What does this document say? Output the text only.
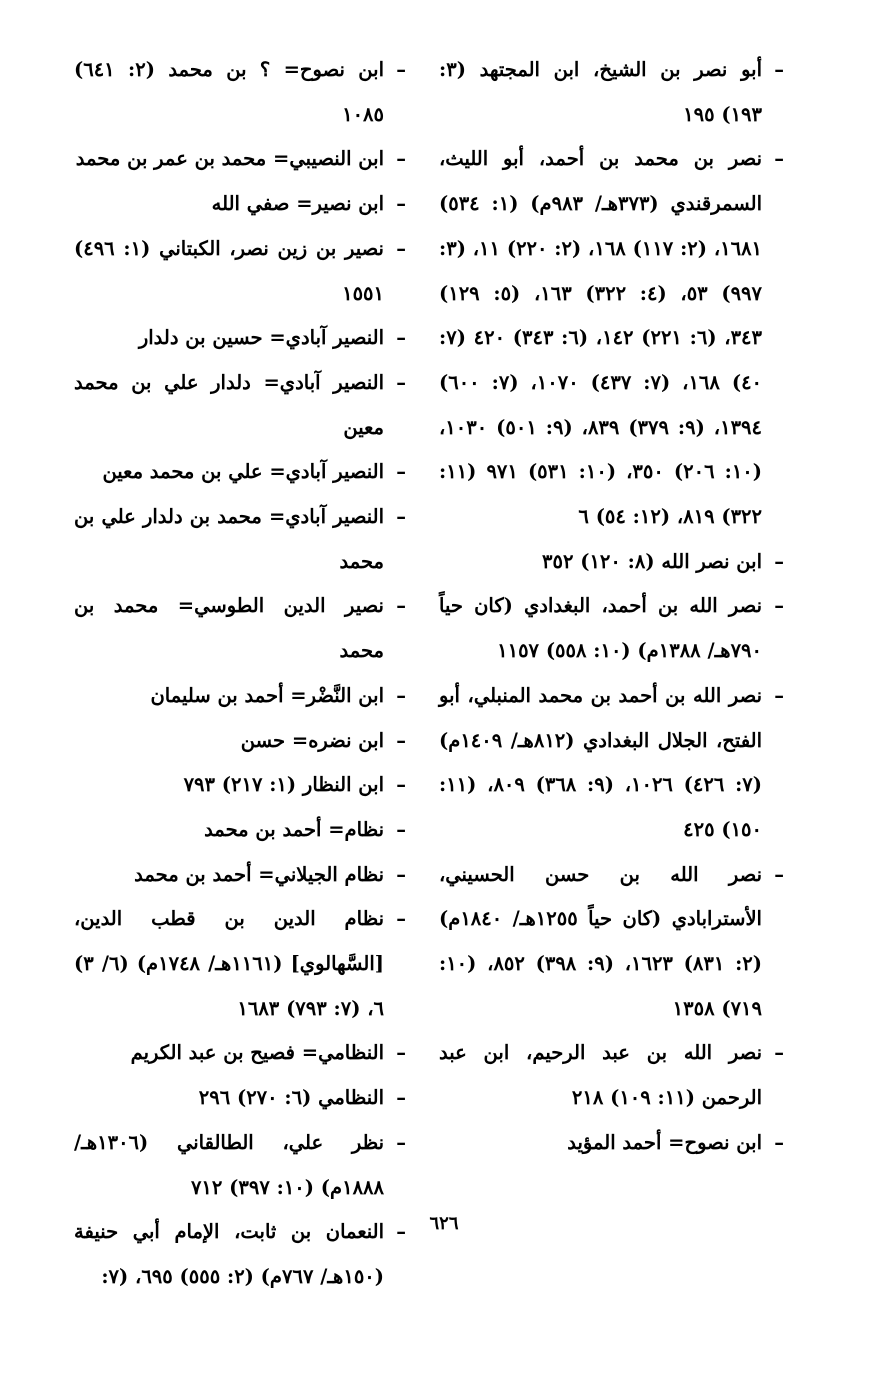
–
أبو نصر بن الشيخ، ابن المجتهد (٣: ١٩٣) ١٩٥

–
نصر بن محمد بن أحمد، أبو الليث، السمرقندي (٣٧٣هـ/ ٩٨٣م) (١: ٥٣٤) ١٦٨١، (٢: ١١٧) ١٦٨، (٢: ٢٢٠) ١١، (٣: ٩٩٧) ٥٣، (٤: ٣٢٢) ١٦٣، (٥: ١٢٩) ٣٤٣، (٦: ٢٢١) ١٤٢، (٦: ٣٤٣) ٤٢٠ (٧: ٤٠) ١٦٨، (٧: ٤٣٧) ١٠٧٠، (٧: ٦٠٠) ١٣٩٤، (٩: ٣٧٩) ٨٣٩، (٩: ٥٠١) ١٠٣٠، (١٠: ٢٠٦) ٣٥٠، (١٠: ٥٣١) ٩٧١ (١١: ٣٢٢) ٨١٩، (١٢: ٥٤) ٦

–
ابن نصر الله (٨: ١٢٠) ٣٥٢

–
نصر الله بن أحمد، البغدادي (كان حياً ٧٩٠هـ/ ١٣٨٨م) (١٠: ٥٥٨) ١١٥٧

–
نصر الله بن أحمد بن محمد المنبلي، أبو الفتح، الجلال البغدادي (٨١٢هـ/ ١٤٠٩م) (٧: ٤٢٦) ١٠٢٦، (٩: ٣٦٨) ٨٠٩، (١١: ١٥٠) ٤٢٥

–
نصر الله بن حسن الحسيني، الأسترابادي (كان حياً ١٢٥٥هـ/ ١٨٤٠م) (٢: ٨٣١) ١٦٢٣، (٩: ٣٩٨) ٨٥٢، (١٠: ٧١٩) ١٣٥٨

–
نصر الله بن عبد الرحيم، ابن عبد الرحمن (١١: ١٠٩) ٢١٨

–
ابن نصوح= أحمد المؤيد

–
ابن نصوح= ؟ بن محمد (٢: ٦٤١) ١٠٨٥

–
ابن النصيبي= محمد بن عمر بن محمد

–
ابن نصير= صفي الله

–
نصير بن زين نصر، الكبتاني (١: ٤٩٦) ١٥٥١

–
النصير آبادي= حسين بن دلدار

–
النصير آبادي= دلدار علي بن محمد معين

–
النصير آبادي= علي بن محمد معين

–
النصير آبادي= محمد بن دلدار علي بن محمد

–
نصير الدين الطوسي= محمد بن محمد

–
ابن النَّضْر= أحمد بن سليمان

–
ابن نضره= حسن

–
ابن النظار (١: ٢١٧) ٧٩٣

–
نظام= أحمد بن محمد

–
نظام الجيلاني= أحمد بن محمد

–
نظام الدين بن قطب الدين، [السَّهالوي] (١١٦١هـ/ ١٧٤٨م) (٦/ ٣) ٦، (٧: ٧٩٣) ١٦٨٣

–
النظامي= فصيح بن عبد الكريم

–
النظامي (٦: ٢٧٠) ٢٩٦

–
نظر علي، الطالقاني (١٣٠٦هـ/ ١٨٨٨م) (١٠: ٣٩٧) ٧١٢

–
النعمان بن ثابت، الإمام أبي حنيفة (١٥٠هـ/ ٧٦٧م) (٢: ٥٥٥) ٦٩٥، (٧:

٦٢٦
